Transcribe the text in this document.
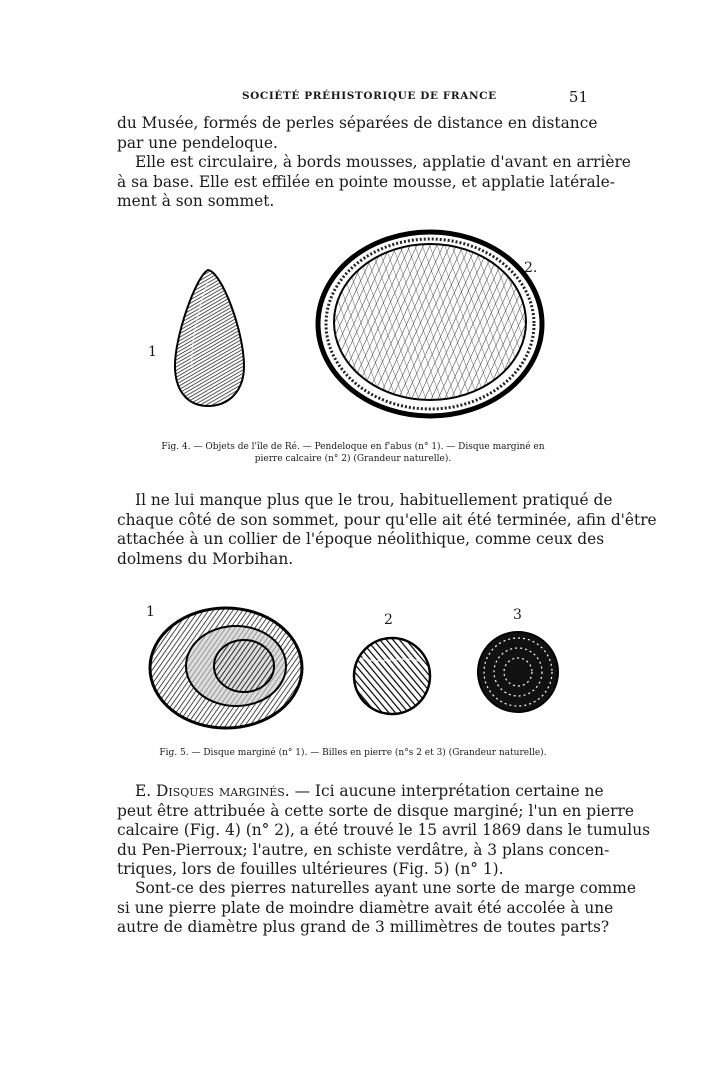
SOCIÉTÉ PRÉHISTORIQUE DE FRANCE	51

du Musée, formés de perles séparées de distance en distance
par une pendeloque.

Elle est circulaire, à bords mousses, applatie d'avant en arrière
à sa base. Elle est effilée en pointe mousse, et applatie latérale-
ment à son sommet.

1
2.
Fig. 4. — Objets de l'île de Ré. — Pendeloque en f'abus (n° 1). — Disque marginé en
pierre calcaire (n° 2) (Grandeur naturelle).

Il ne lui manque plus que le trou, habituellement pratiqué de
chaque côté de son sommet, pour qu'elle ait été terminée, afin d'être
attachée à un collier de l'époque néolithique, comme ceux des
dolmens du Morbihan.

1	2	3
Fig. 5. — Disque marginé (n° 1). — Billes en pierre (n°s 2 et 3) (Grandeur naturelle).

E. Disques marginés. — Ici aucune interprétation certaine ne
peut être attribuée à cette sorte de disque marginé; l'un en pierre
calcaire (Fig. 4) (n° 2), a été trouvé le 15 avril 1869 dans le tumulus
du Pen-Pierroux; l'autre, en schiste verdâtre, à 3 plans concen-
triques, lors de fouilles ultérieures (Fig. 5) (n° 1).

Sont-ce des pierres naturelles ayant une sorte de marge comme
si une pierre plate de moindre diamètre avait été accolée à une
autre de diamètre plus grand de 3 millimètres de toutes parts?
